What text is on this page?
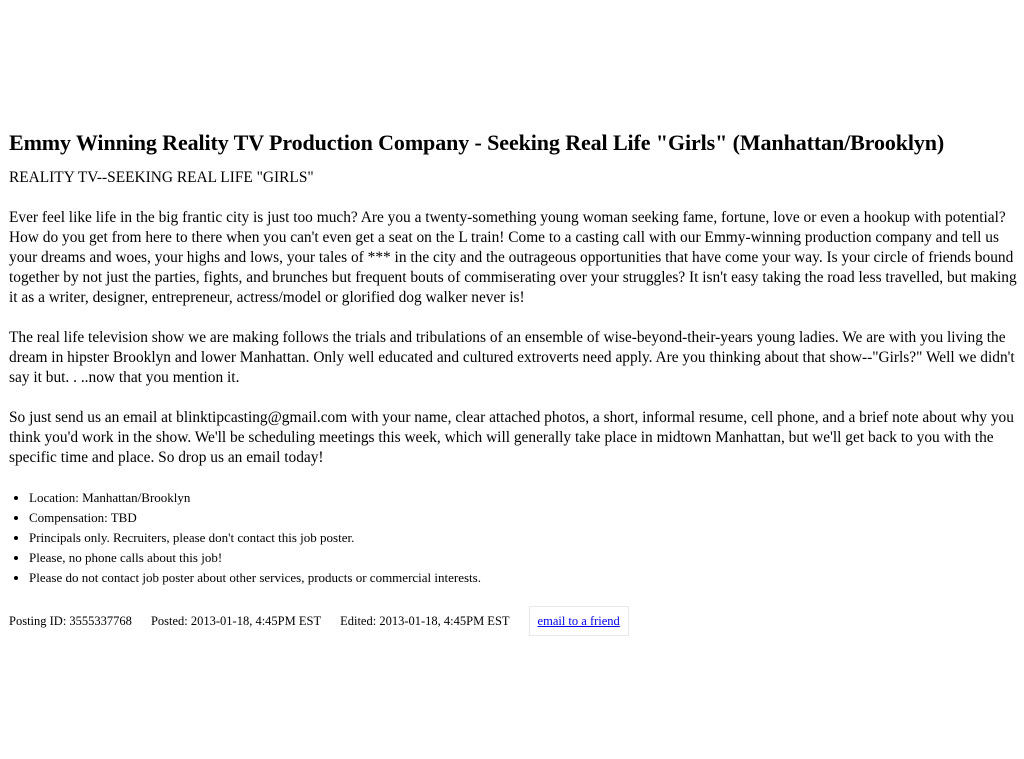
Emmy Winning Reality TV Production Company - Seeking Real Life "Girls" (Manhattan/Brooklyn)

REALITY TV--SEEKING REAL LIFE "GIRLS"

Ever feel like life in the big frantic city is just too much? Are you a twenty-something young woman seeking fame, fortune, love or even a hookup with potential? How do you get from here to there when you can't even get a seat on the L train! Come to a casting call with our Emmy-winning production company and tell us your dreams and woes, your highs and lows, your tales of *** in the city and the outrageous opportunities that have come your way. Is your circle of friends bound together by not just the parties, fights, and brunches but frequent bouts of commiserating over your struggles? It isn't easy taking the road less travelled, but making it as a writer, designer, entrepreneur, actress/model or glorified dog walker never is!

The real life television show we are making follows the trials and tribulations of an ensemble of wise-beyond-their-years young ladies. We are with you living the dream in hipster Brooklyn and lower Manhattan. Only well educated and cultured extroverts need apply. Are you thinking about that show--"Girls?" Well we didn't say it but. . ..now that you mention it.

So just send us an email at blinktipcasting@gmail.com with your name, clear attached photos, a short, informal resume, cell phone, and a brief note about why you think you'd work in the show. We'll be scheduling meetings this week, which will generally take place in midtown Manhattan, but we'll get back to you with the specific time and place. So drop us an email today!

• Location: Manhattan/Brooklyn
• Compensation: TBD
• Principals only. Recruiters, please don't contact this job poster.
• Please, no phone calls about this job!
• Please do not contact job poster about other services, products or commercial interests.
Posting ID: 3555337768 Posted: 2013-01-18, 4:45PM EST Edited: 2013-01-18, 4:45PM EST	email to a friend
